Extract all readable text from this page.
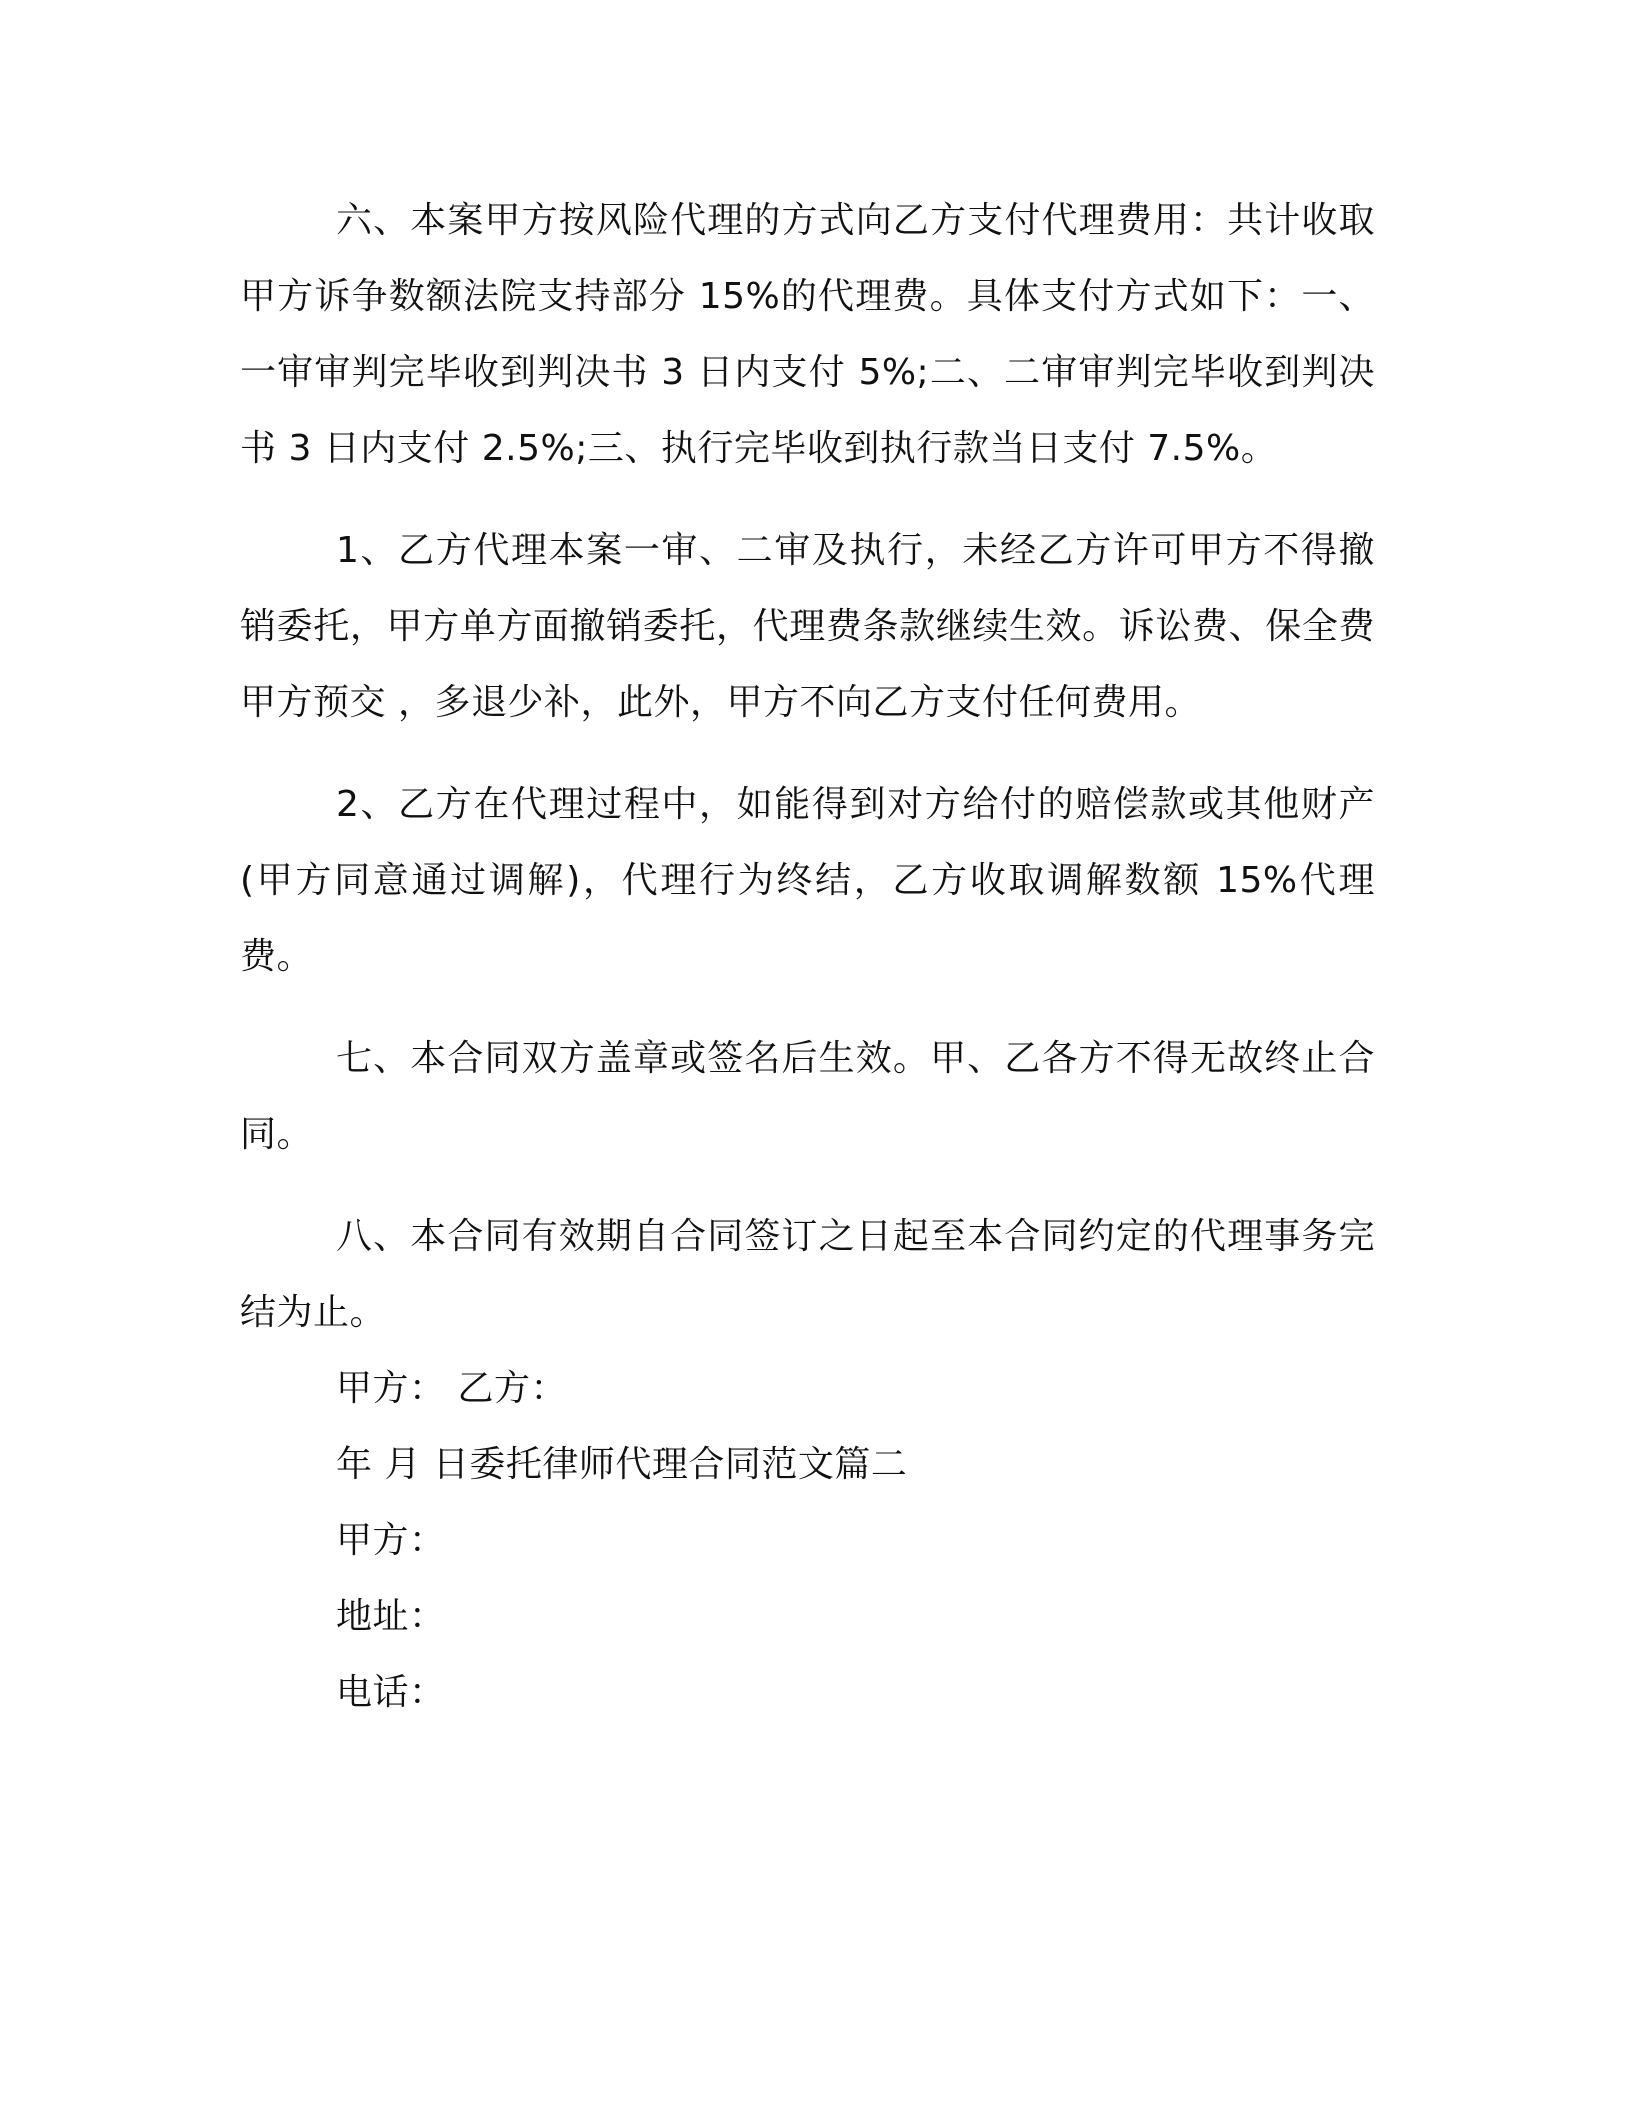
六、本案甲方按风险代理的方式向乙方支付代理费用：共计收取甲方诉争数额法院支持部分 15%的代理费。具体支付方式如下：一、一审审判完毕收到判决书 3 日内支付 5%;二、二审审判完毕收到判决书 3 日内支付 2.5%;三、执行完毕收到执行款当日支付 7.5%。

1、乙方代理本案一审、二审及执行，未经乙方许可甲方不得撤销委托，甲方单方面撤销委托，代理费条款继续生效。诉讼费、保全费甲方预交 ，多退少补，此外，甲方不向乙方支付任何费用。

2、乙方在代理过程中，如能得到对方给付的赔偿款或其他财产(甲方同意通过调解)，代理行为终结，乙方收取调解数额 15%代理费。

七、本合同双方盖章或签名后生效。甲、乙各方不得无故终止合同。

八、本合同有效期自合同签订之日起至本合同约定的代理事务完结为止。

甲方： 乙方：

年 月 日委托律师代理合同范文篇二

甲方：

地址：

电话：
